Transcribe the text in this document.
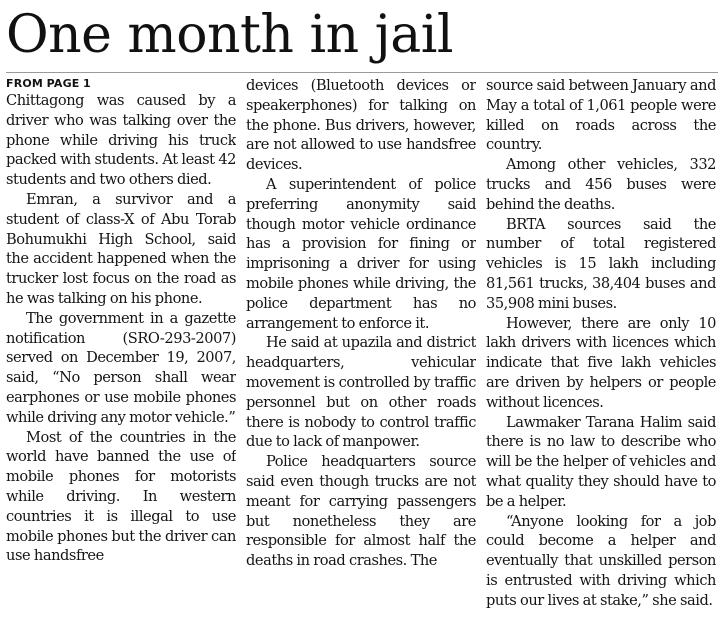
One month in jail
FROM PAGE 1

Chittagong was caused by a driver who was talking over the phone while driving his truck packed with students. At least 42 students and two others died.

Emran, a survivor and a student of class-X of Abu Torab Bohumukhi High School, said the accident happened when the trucker lost focus on the road as he was talking on his phone.

The government in a gazette notification (SRO-293-2007) served on December 19, 2007, said, “No person shall wear earphones or use mobile phones while driving any motor vehicle.”

Most of the countries in the world have banned the use of mobile phones for motorists while driving. In western countries it is illegal to use mobile phones but the driver can use handsfree

devices (Bluetooth devices or speakerphones) for talking on the phone. Bus drivers, however, are not allowed to use handsfree devices.

A superintendent of police preferring anonymity said though motor vehicle ordinance has a provision for fining or imprisoning a driver for using mobile phones while driving, the police department has no arrangement to enforce it.

He said at upazila and district headquarters, vehicular movement is controlled by traffic personnel but on other roads there is nobody to control traffic due to lack of manpower.

Police headquarters source said even though trucks are not meant for carrying passengers but nonetheless they are responsible for almost half the deaths in road crashes. The

source said between January and May a total of 1,061 people were killed on roads across the country.

Among other vehicles, 332 trucks and 456 buses were behind the deaths.

BRTA sources said the number of total registered vehicles is 15 lakh including 81,561 trucks, 38,404 buses and 35,908 mini buses.

However, there are only 10 lakh drivers with licences which indicate that five lakh vehicles are driven by helpers or people without licences.

Lawmaker Tarana Halim said there is no law to describe who will be the helper of vehicles and what quality they should have to be a helper.

“Anyone looking for a job could become a helper and eventually that unskilled person is entrusted with driving which puts our lives at stake,” she said.
